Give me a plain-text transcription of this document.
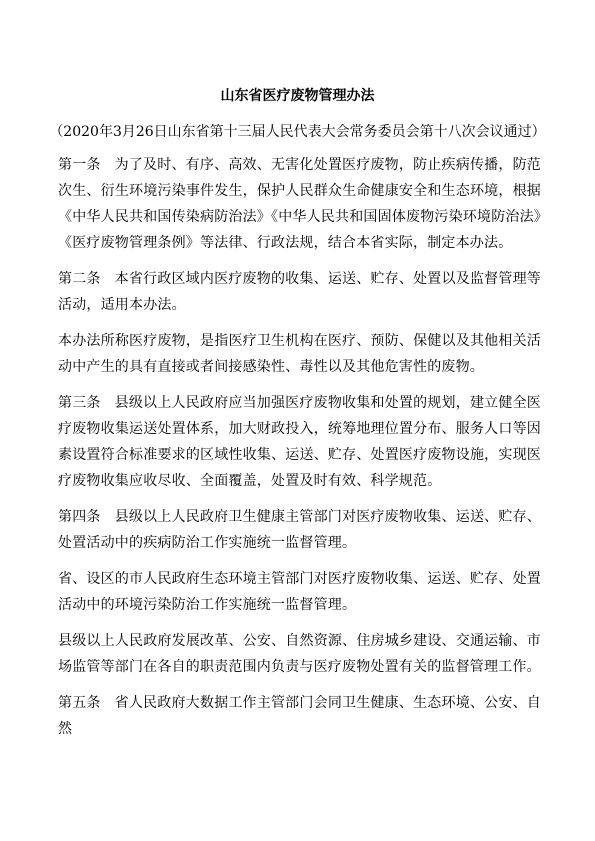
山东省医疗废物管理办法
（2020年3月26日山东省第十三届人民代表大会常务委员会第十八次会议通过）

第一条 为了及时、有序、高效、无害化处置医疗废物，防止疾病传播，防范次生、衍生环境污染事件发生，保护人民群众生命健康安全和生态环境，根据《中华人民共和国传染病防治法》《中华人民共和国固体废物污染环境防治法》《医疗废物管理条例》等法律、行政法规，结合本省实际，制定本办法。

第二条 本省行政区域内医疗废物的收集、运送、贮存、处置以及监督管理等活动，适用本办法。

本办法所称医疗废物，是指医疗卫生机构在医疗、预防、保健以及其他相关活动中产生的具有直接或者间接感染性、毒性以及其他危害性的废物。

第三条 县级以上人民政府应当加强医疗废物收集和处置的规划，建立健全医疗废物收集运送处置体系，加大财政投入，统筹地理位置分布、服务人口等因素设置符合标准要求的区域性收集、运送、贮存、处置医疗废物设施，实现医疗废物收集应收尽收、全面覆盖，处置及时有效、科学规范。

第四条 县级以上人民政府卫生健康主管部门对医疗废物收集、运送、贮存、处置活动中的疾病防治工作实施统一监督管理。

省、设区的市人民政府生态环境主管部门对医疗废物收集、运送、贮存、处置活动中的环境污染防治工作实施统一监督管理。

县级以上人民政府发展改革、公安、自然资源、住房城乡建设、交通运输、市场监管等部门在各自的职责范围内负责与医疗废物处置有关的监督管理工作。

第五条 省人民政府大数据工作主管部门会同卫生健康、生态环境、公安、自然
